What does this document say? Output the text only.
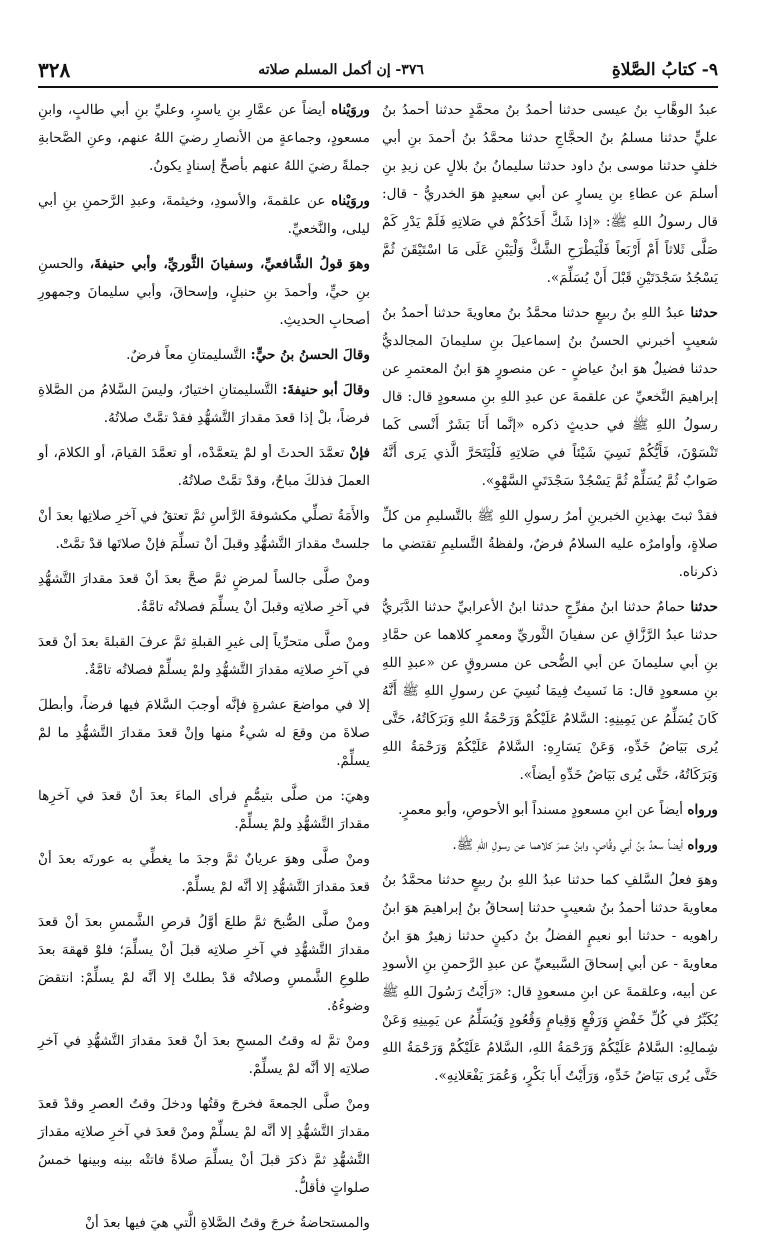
٩- كتابُ الصَّلاةِ
٣٧٦- إن أكمل المسلم صلاته
٣٢٨

عبدُ الوهَّابِ بنُ عيسى حدثنا أحمدُ بنُ محمَّدٍ حدثنا أحمدُ بنُ عليٍّ حدثنا مسلمُ بنُ الحجَّاجِ حدثنا محمَّدُ بنُ أحمدَ بنِ أبي خلفٍ حدثنا موسى بنُ داود حدثنا سليمانُ بنُ بلالٍ عن زيدِ بنِ أسلمَ عن عطاءِ بنِ يسارٍ عن أبي سعيدٍ هوَ الخدريُّ - قال: قال رسولُ اللهِ ﷺ: «إذا شَكَّ أَحَدُكُمْ في صَلاتِهِ فَلَمْ يَدْرِ كَمْ صَلَّى ثَلاثاً أَمْ أَرْبَعاً فَلْيَطْرَحِ الشَّكَّ وَلْيَبْنِ عَلَى مَا اسْتَيْقَنَ ثُمَّ يَسْجُدُ سَجْدَتَيْنِ قَبْلَ أَنْ يُسَلِّمَ».

حدثنا عبدُ اللهِ بنُ ربيعٍ حدثنا محمَّدُ بنُ معاويةَ حدثنا أحمدُ بنُ شعيبٍ أخبرني الحسنُ بنُ إسماعيلَ بنِ سليمانَ المجالديُّ حدثنا فضيلٌ هوَ ابنُ عياضٍ - عن منصورٍ هوَ ابنُ المعتمرِ عن إبراهيمَ النَّخعيِّ عن علقمةَ عن عبدِ اللهِ بنِ مسعودٍ قال: قال رسولُ اللهِ ﷺ في حديثٍ ذكره «إنَّما أَنَا بَشَرٌ أَنْسى كَما تَنْسَوْنَ، فَأَيُّكُمْ نَسِيَ شَيْئاً في صَلاتِهِ فَلْيَتَحَرَّ الَّذي يَرى أَنَّهُ صَوابٌ ثُمَّ يُسَلِّمْ ثُمَّ يَسْجُدْ سَجْدَتَيِ السَّهْوِ».

فقدْ ثبتَ بهذينِ الخبرينِ أمرُ رسولِ اللهِ ﷺ بالتَّسليمِ من كلِّ صلاةٍ، وأوامرُه عليه السلامُ فرضٌ، ولفظةُ التَّسليمِ تقتضي ما ذكرناه.

حدثنا حمامٌ حدثنا ابنُ مفرِّجٍ حدثنا ابنُ الأعرابيِّ حدثنا الدَّبَريُّ حدثنا عبدُ الرَّزَّاقِ عن سفيانَ الثَّوريِّ ومعمرٍ كلاهما عن حمَّادِ بنِ أبي سليمانَ عن أبي الضُّحى عن مسروقٍ عن «عبدِ اللهِ بنِ مسعودٍ قال: مَا نَسيتُ فِيمَا نُسِيَ عن رسولِ اللهِ ﷺ أَنَّهُ كَانَ يُسَلِّمُ عن يَمِينِهِ: السَّلامُ عَلَيْكُمْ وَرَحْمَةُ اللهِ وَبَرَكَاتُهُ، حَتَّى يُرى بَيَاضُ خَدِّهِ، وَعَنْ يَسَارِهِ: السَّلامُ عَلَيْكُمْ وَرَحْمَةُ اللهِ وَبَرَكَاتُهُ، حَتَّى يُرى بَيَاضُ خَدِّهِ أيضاً».

ورواه أيضاً عن ابنِ مسعودٍ مسنداً أبو الأحوصِ، وأبو معمرٍ.

ورواه أيضاً سعدُ بنُ أبي وقَّاصٍ، وابنُ عمرَ كلاهما عن رسولِ اللهِ ﷺ.

وهوَ فعلُ السَّلفِ كما حدثنا عبدُ اللهِ بنُ ربيعٍ حدثنا محمَّدُ بنُ معاويةَ حدثنا أحمدُ بنُ شعيبٍ حدثنا إسحاقُ بنُ إبراهيمَ هوَ ابنُ راهويه - حدثنا أبو نعيمٍ الفضلُ بنُ دكينٍ حدثنا زهيرٌ هوَ ابنُ معاويةَ - عن أبي إسحاقَ السَّبيعيِّ عن عبدِ الرَّحمنِ بنِ الأسودِ عن أبيه، وعلقمةَ عن ابنِ مسعودٍ قال: «رَأَيْتُ رَسُولَ اللهِ ﷺ يُكَبِّرُ في كُلِّ خَفْضٍ وَرَفْعٍ وَقِيامٍ وَقُعُودٍ وَيُسَلِّمُ عن يَمِينِهِ وَعَنْ شِمالِهِ: السَّلامُ عَلَيْكُمْ وَرَحْمَةُ اللهِ، السَّلامُ عَلَيْكُمْ وَرَحْمَةُ اللهِ حَتَّى يُرى بَيَاضُ خَدِّهِ، وَرَأَيْتُ أَبا بَكْرٍ، وَعُمَرَ يَفْعَلانِهِ».

وروَيْناه أيضاً عن عمَّارِ بنِ ياسرٍ، وعليِّ بنِ أبي طالبٍ، وابنِ مسعودٍ، وجماعةٍ من الأنصارِ رضيَ اللهُ عنهم، وعنِ الصَّحابةِ جملةً رضيَ اللهُ عنهم بأصحِّ إسنادٍ يكونُ.

وروَيْناه عن علقمةَ، والأسودِ، وخيثمةَ، وعبدِ الرَّحمنِ بنِ أبي ليلى، والنَّخعيِّ.

وهوَ قولُ الشَّافعيِّ، وسفيانَ الثَّوريِّ، وأبي حنيفةَ، والحسنِ بنِ حيٍّ، وأحمدَ بنِ حنبلٍ، وإسحاقَ، وأبي سليمانَ وجمهورِ أصحابِ الحديثِ.

وقالَ الحسنُ بنُ حيٍّ: التَّسليمتانِ معاً فرضٌ.

وقالَ أبو حنيفةَ: التَّسليمتانِ اختيارٌ، وليسَ السَّلامُ من الصَّلاةِ فرضاً، بلْ إذا قعدَ مقدارَ التَّشهُّدِ فقدْ تمَّتْ صلاتُهُ.

فإنْ تعمَّدَ الحدثَ أو لمْ يتعمَّدْه، أو تعمَّدَ القيامَ، أو الكلامَ، أو العملَ فذلكَ مباحٌ، وقدْ تمَّتْ صلاتُهُ.

والأَمَةُ تصلِّي مكشوفةَ الرَّأسِ ثمَّ تعتقُ في آخرِ صلاتِها بعدَ أنْ جلستْ مقدارَ التَّشهُّدِ وقبلَ أنْ تسلِّمَ فإنْ صلاتَها قدْ تمَّتْ.

ومنْ صلَّى جالساً لمرضٍ ثمَّ صحَّ بعدَ أنْ قعدَ مقدارَ التَّشهُّدِ في آخرِ صلاتِه وقبلَ أنْ يسلِّمَ فصلاتُه تامَّةٌ.

ومنْ صلَّى متحرِّياً إلى غيرِ القبلةِ ثمَّ عرفَ القبلةَ بعدَ أنْ قعدَ في آخرِ صلاتِه مقدارَ التَّشهُّدِ ولمْ يسلِّمْ فصلاتُه تامَّةٌ.

إلا في مواضعَ عشرةٍ فإنَّه أوجبَ السَّلامَ فيها فرضاً، وأبطلَ صلاةَ من وقعَ له شيءٌ منها وإنْ قعدَ مقدارَ التَّشهُّدِ ما لمْ يسلِّمْ.

وهيَ: من صلَّى بتيمُّمٍ فرأى الماءَ بعدَ أنْ قعدَ في آخرِها مقدارَ التَّشهُّدِ ولمْ يسلِّمْ.

ومنْ صلَّى وهوَ عريانٌ ثمَّ وجدَ ما يغطِّي به عورتَه بعدَ أنْ قعدَ مقدارَ التَّشهُّدِ إلا أنَّه لمْ يسلِّمْ.

ومنْ صلَّى الصُّبحَ ثمَّ طلعَ أوَّلُ قرصِ الشَّمسِ بعدَ أنْ قعدَ مقدارَ التَّشهُّدِ في آخرِ صلاتِه قبلَ أنْ يسلِّمَ؛ فلوْ قهقهَ بعدَ طلوعِ الشَّمسِ وصلاتُه قدْ بطلتْ إلا أنَّه لمْ يسلِّمْ: انتقضَ وضوءُهُ.

ومنْ تمَّ له وقتُ المسحِ بعدَ أنْ قعدَ مقدارَ التَّشهُّدِ في آخرِ صلاتِه إلا أنَّه لمْ يسلِّمْ.

ومنْ صلَّى الجمعةَ فخرجَ وقتُها ودخلَ وقتُ العصرِ وقدْ قعدَ مقدارَ التَّشهُّدِ إلا أنَّه لمْ يسلِّمْ ومنْ قعدَ في آخرِ صلاتِه مقدارَ التَّشهُّدِ ثمَّ ذكرَ قبلَ أنْ يسلِّمَ صلاةً فاتتْه بينه وبينها خمسُ صلواتٍ فأقلُّ.

والمستحاضةُ خرجَ وقتُ الصَّلاةِ الَّتي هيَ فيها بعدَ أنْ
